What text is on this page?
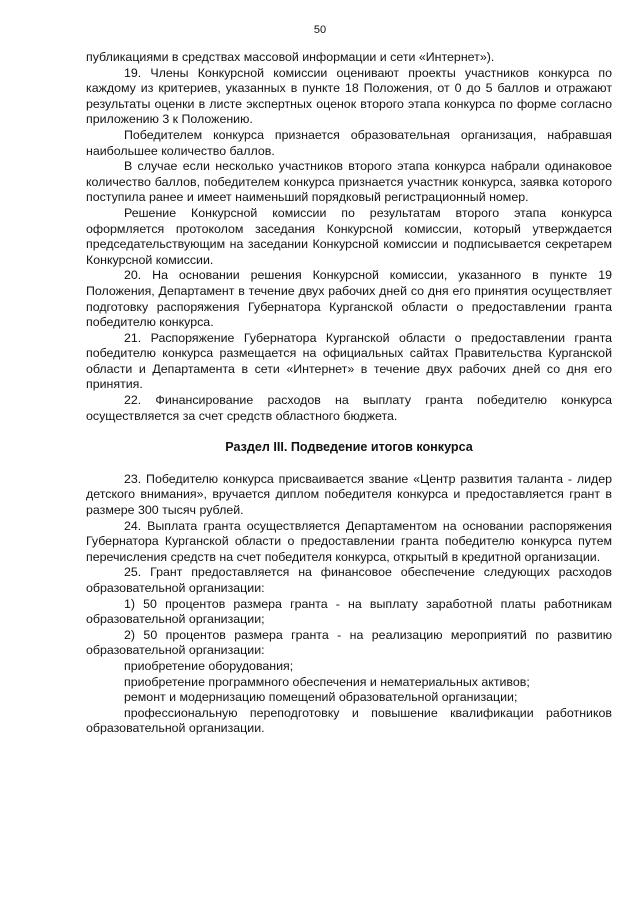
50

публикациями в средствах массовой информации и сети «Интернет»).

19. Члены Конкурсной комиссии оценивают проекты участников конкурса по каждому из критериев, указанных в пункте 18 Положения, от 0 до 5 баллов и отражают результаты оценки в листе экспертных оценок второго этапа конкурса по форме согласно приложению 3 к Положению.

Победителем конкурса признается образовательная организация, набравшая наибольшее количество баллов.

В случае если несколько участников второго этапа конкурса набрали одинаковое количество баллов, победителем конкурса признается участник конкурса, заявка которого поступила ранее и имеет наименьший порядковый регистрационный номер.

Решение Конкурсной комиссии по результатам второго этапа конкурса оформляется протоколом заседания Конкурсной комиссии, который утверждается председательствующим на заседании Конкурсной комиссии и подписывается секретарем Конкурсной комиссии.

20. На основании решения Конкурсной комиссии, указанного в пункте 19 Положения, Департамент в течение двух рабочих дней со дня его принятия осуществляет подготовку распоряжения Губернатора Курганской области о предоставлении гранта победителю конкурса.

21. Распоряжение Губернатора Курганской области о предоставлении гранта победителю конкурса размещается на официальных сайтах Правительства Курганской области и Департамента в сети «Интернет» в течение двух рабочих дней со дня его принятия.

22. Финансирование расходов на выплату гранта победителю конкурса осуществляется за счет средств областного бюджета.

Раздел III. Подведение итогов конкурса

23. Победителю конкурса присваивается звание «Центр развития таланта - лидер детского внимания», вручается диплом победителя конкурса и предоставляется грант в размере 300 тысяч рублей.

24. Выплата гранта осуществляется Департаментом на основании распоряжения Губернатора Курганской области о предоставлении гранта победителю конкурса путем перечисления средств на счет победителя конкурса, открытый в кредитной организации.

25. Грант предоставляется на финансовое обеспечение следующих расходов образовательной организации:

1) 50 процентов размера гранта - на выплату заработной платы работникам образовательной организации;

2) 50 процентов размера гранта - на реализацию мероприятий по развитию образовательной организации:

приобретение оборудования;

приобретение программного обеспечения и нематериальных активов;

ремонт и модернизацию помещений образовательной организации;

профессиональную переподготовку и повышение квалификации работников образовательной организации.
